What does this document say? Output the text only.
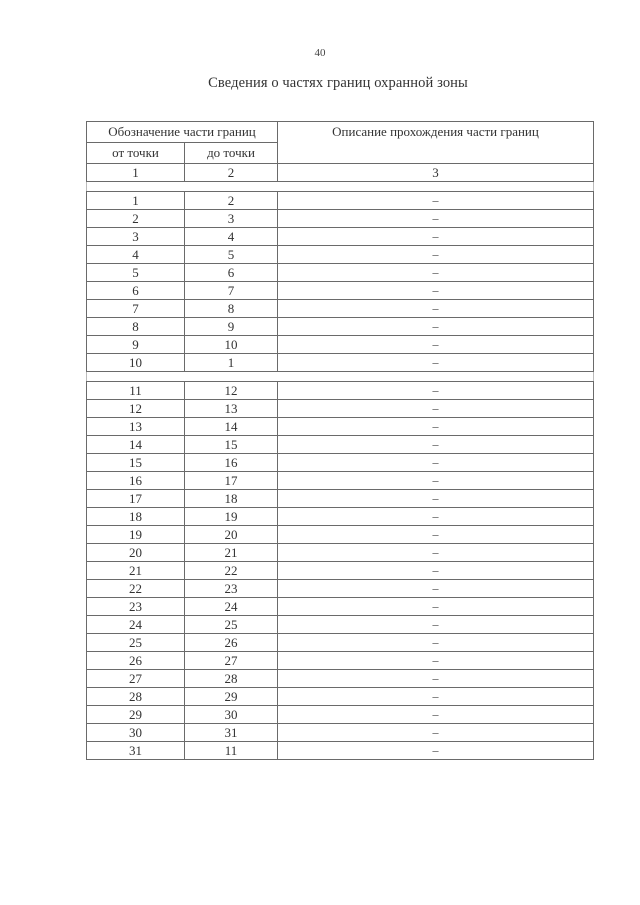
40
Сведения о частях границ охранной зоны
Обозначение части границ		Описание прохождения части границ
от точки	до точки	
1	2	3

1	2	–
2	3	–
3	4	–
4	5	–
5	6	–
6	7	–
7	8	–
8	9	–
9	10	–
10	1	–

11	12	–
12	13	–
13	14	–
14	15	–
15	16	–
16	17	–
17	18	–
18	19	–
19	20	–
20	21	–
21	22	–
22	23	–
23	24	–
24	25	–
25	26	–
26	27	–
27	28	–
28	29	–
29	30	–
30	31	–
31	11	–
